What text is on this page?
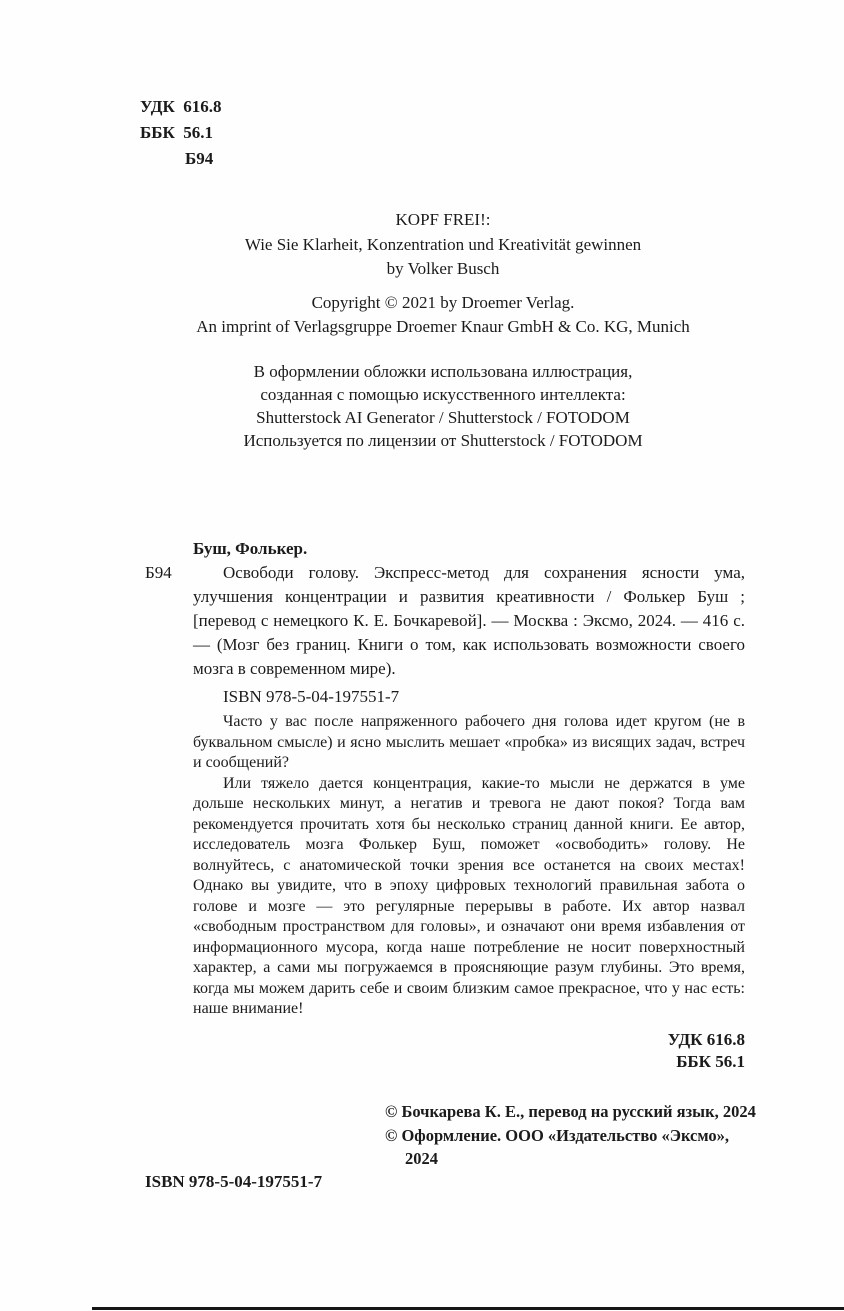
УДК  616.8
ББК  56.1
Б94
KOPF FREI!:
Wie Sie Klarheit, Konzentration und Kreativität gewinnen
by Volker Busch
Copyright © 2021 by Droemer Verlag.
An imprint of Verlagsgruppe Droemer Knaur GmbH & Co. KG, Munich
В оформлении обложки использована иллюстрация,
созданная с помощью искусственного интеллекта:
Shutterstock AI Generator / Shutterstock / FOTODOM
Используется по лицензии от Shutterstock / FOTODOM
Буш, Фолькер.

Б94	Освободи голову. Экспресс-метод для сохранения ясности ума, улучшения концентрации и развития креативности / Фолькер Буш ; [перевод с немецкого К. Е. Бочкаревой]. — Москва : Эксмо, 2024. — 416 с. — (Мозг без границ. Книги о том, как использовать возможности своего мозга в современном мире).

ISBN 978-5-04-197551-7

Часто у вас после напряженного рабочего дня голова идет кругом (не в буквальном смысле) и ясно мыслить мешает «пробка» из висящих задач, встреч и сообщений?

Или тяжело дается концентрация, какие-то мысли не держатся в уме дольше нескольких минут, а негатив и тревога не дают покоя? Тогда вам рекомендуется прочитать хотя бы несколько страниц данной книги. Ее автор, исследователь мозга Фолькер Буш, поможет «освободить» голову. Не волнуйтесь, с анатомической точки зрения все останется на своих местах! Однако вы увидите, что в эпоху цифровых технологий правильная забота о голове и мозге — это регулярные перерывы в работе. Их автор назвал «свободным пространством для головы», и означают они время избавления от информационного мусора, когда наше потребление не носит поверхностный характер, а сами мы погружаемся в проясняющие разум глубины. Это время, когда мы можем дарить себе и своим близким самое прекрасное, что у нас есть: наше внимание!

УДК 616.8
ББК 56.1
© Бочкарева К. Е., перевод на русский язык, 2024
© Оформление. ООО «Издательство «Эксмо», 2024
ISBN 978-5-04-197551-7
